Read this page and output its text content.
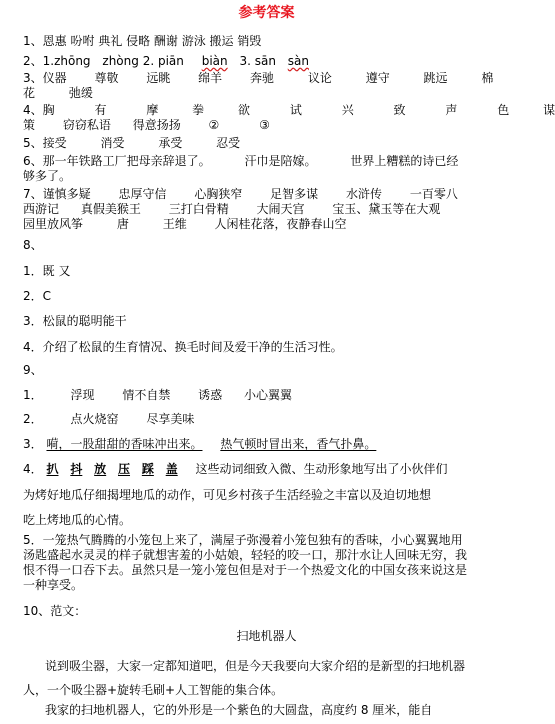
参考答案
1、恩惠 吩咐 典礼 侵略 酬谢 游泳 搬运 销毁
2、1.zhōng zhòng 2. piān biàn 3. sān sàn
3、仪器 尊敬 远眺 绵羊 奔驰	议论	遵守	跳远	棉
花	弛缓
4、胸	有	摩	拳	欲	试	兴	致	声	色	谋
策 窃窃私语 得意扬扬 ②	③
5、接受	消受	承受	忍受
6、那一年铁路工厂把母亲辞退了。	汗巾是陪嫁。	世界上糟糕的诗已经
够多了。
7、谨慎多疑 忠厚守信 心胸狭窄 足智多谋 水浒传 一百零八
西游记 真假美猴王 三打白骨精 大闹天宫 宝玉、黛玉等在大观
园里放风筝	唐	王维 人闲桂花落，夜静春山空
8、
1．既 又
2．C
3．松鼠的聪明能干
4．介绍了松鼠的生育情况、换毛时间及爱干净的生活习性。
9、
1． 浮现 情不自禁 诱惑 小心翼翼
2． 点火烧窑 尽享美味
3． 嗬，一股甜甜的香味冲出来。 热气顿时冒出来，香气扑鼻。
4． 扒 抖 放 压 踩 盖 这些动词细致入微、生动形象地写出了小伙伴们
为烤好地瓜仔细揭埋地瓜的动作，可见乡村孩子生活经验之丰富以及迫切地想
吃上烤地瓜的心情。
5．一笼热气腾腾的小笼包上来了，满屋子弥漫着小笼包独有的香味，小心翼翼地用汤匙盛起水灵灵的样子就想害羞的小姑娘，轻轻的咬一口，那汁水让人回味无穷，我恨不得一口吞下去。虽然只是一笼小笼包但是对于一个热爱文化的中国女孩来说这是一种享受。
10、范文：
扫地机器人
说到吸尘器，大家一定都知道吧，但是今天我要向大家介绍的是新型的扫地机器人，一个吸尘器+旋转毛刷+人工智能的集合体。
我家的扫地机器人，它的外形是一个紫色的大圆盘，高度约 8 厘米，能自
